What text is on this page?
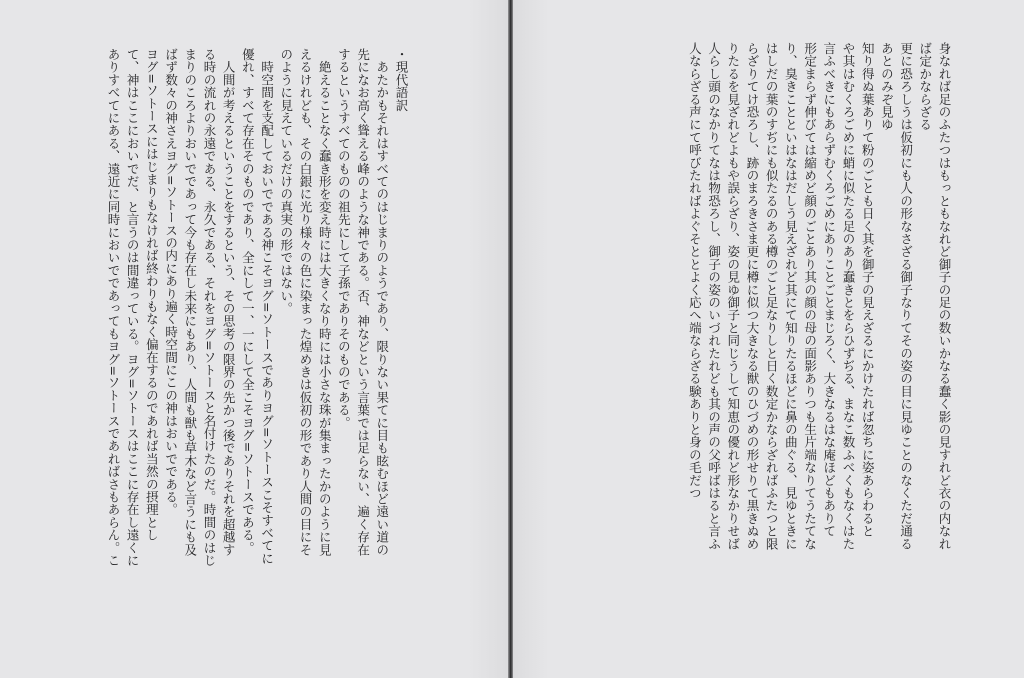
・現代語訳
　あたかもそれはすべてのはじまりのようであり、限りない果てに目も眩むほど遠い道の
先になお高く聳える峰のような神である。否、神などという言葉では足らない、遍く存在
するというすべてのものの祖先にして子孫でありそのものである。
　絶えることなく蠢き形を変え時には大きくなり時には小さな珠が集まったかのように見
えるけれども、その白銀に光り様々の色に染まった煌めきは仮初の形であり人間の目にそ
のように見えているだけの真実の形ではない。
　時空間を支配しておいでである神こそヨグ=ソトースでありヨグ=ソトースこそすべてに
優れ、すべて存在そのものであり、全にして一、一にして全こそヨグ=ソトースである。
　人間が考えるということをするという、その思考の限界の先かつ後でありそれを超越す
る時の流れの永遠である、永久である、それをヨグ=ソトースと名付けたのだ。時間のはじ
まりのころよりおいでであって今も存在し未来にもあり、人間も獣も草木など言うにも及
ばず数々の神さえヨグ=ソトースの内にあり遍く時空間にこの神はおいでである。
ヨグ=ソトースにはじまりもなければ終わりもなく偏在するのであれば当然の摂理とし
て、神はここにおいでだ、と言うのは間違っている。ヨグ=ソトースはここに存在し遠くに
ありすべてにある、遠近に同時においでであってもヨグ=ソトースであればさもあらん。こ	身なれば足のふたつはもっともなれど御子の足の数いかなる蠢く影の見すれど衣の内なれ
ば定かならざる
更に恐ろしうは仮初にも人の形なさざる御子なりてその姿の目に見ゆことのなくただ通る
あとのみぞ見ゆ
知り得ぬ葉ありて粉のごとも日く其を御子の見えざるにかけたれば忽ちに姿あらわると
や其はむくろごめに蛸に似たる足のあり蠢きとをらひずぢる、まなこ数ふべくもなくはた
言ふべきにもあらずむくろごめにありことごとまじろく、大きなるはな庵ほどもありて
形定まらず伸びては縮めど顔のごとあり其の顔の母の面影ありつも生片端なりてうたてな
り、臭きことといはなはだしう見えざれど其にて知りたるほどに鼻の曲ぐる、見ゆときに
はしだの葉のすぢにも似たるのある樽のごと足なりしと日く数定かならざればふたつと限
らざりてけ恐ろし、跡のまろきさま更に樽に似つ大きなる獣のひづめの形せりて黒きぬめ
りたるを見ざれどよもや誤らざり、姿の見ゆ御子と同じうして知恵の優れど形なかりせば
人らし頭のなかりてなは物恐ろし、御子の姿のいづれたれども其の声の父呼ばはると言ふ
人ならざる声にて呼びたればよぐそととよく応へ端ならざる験ありと身の毛だつ
